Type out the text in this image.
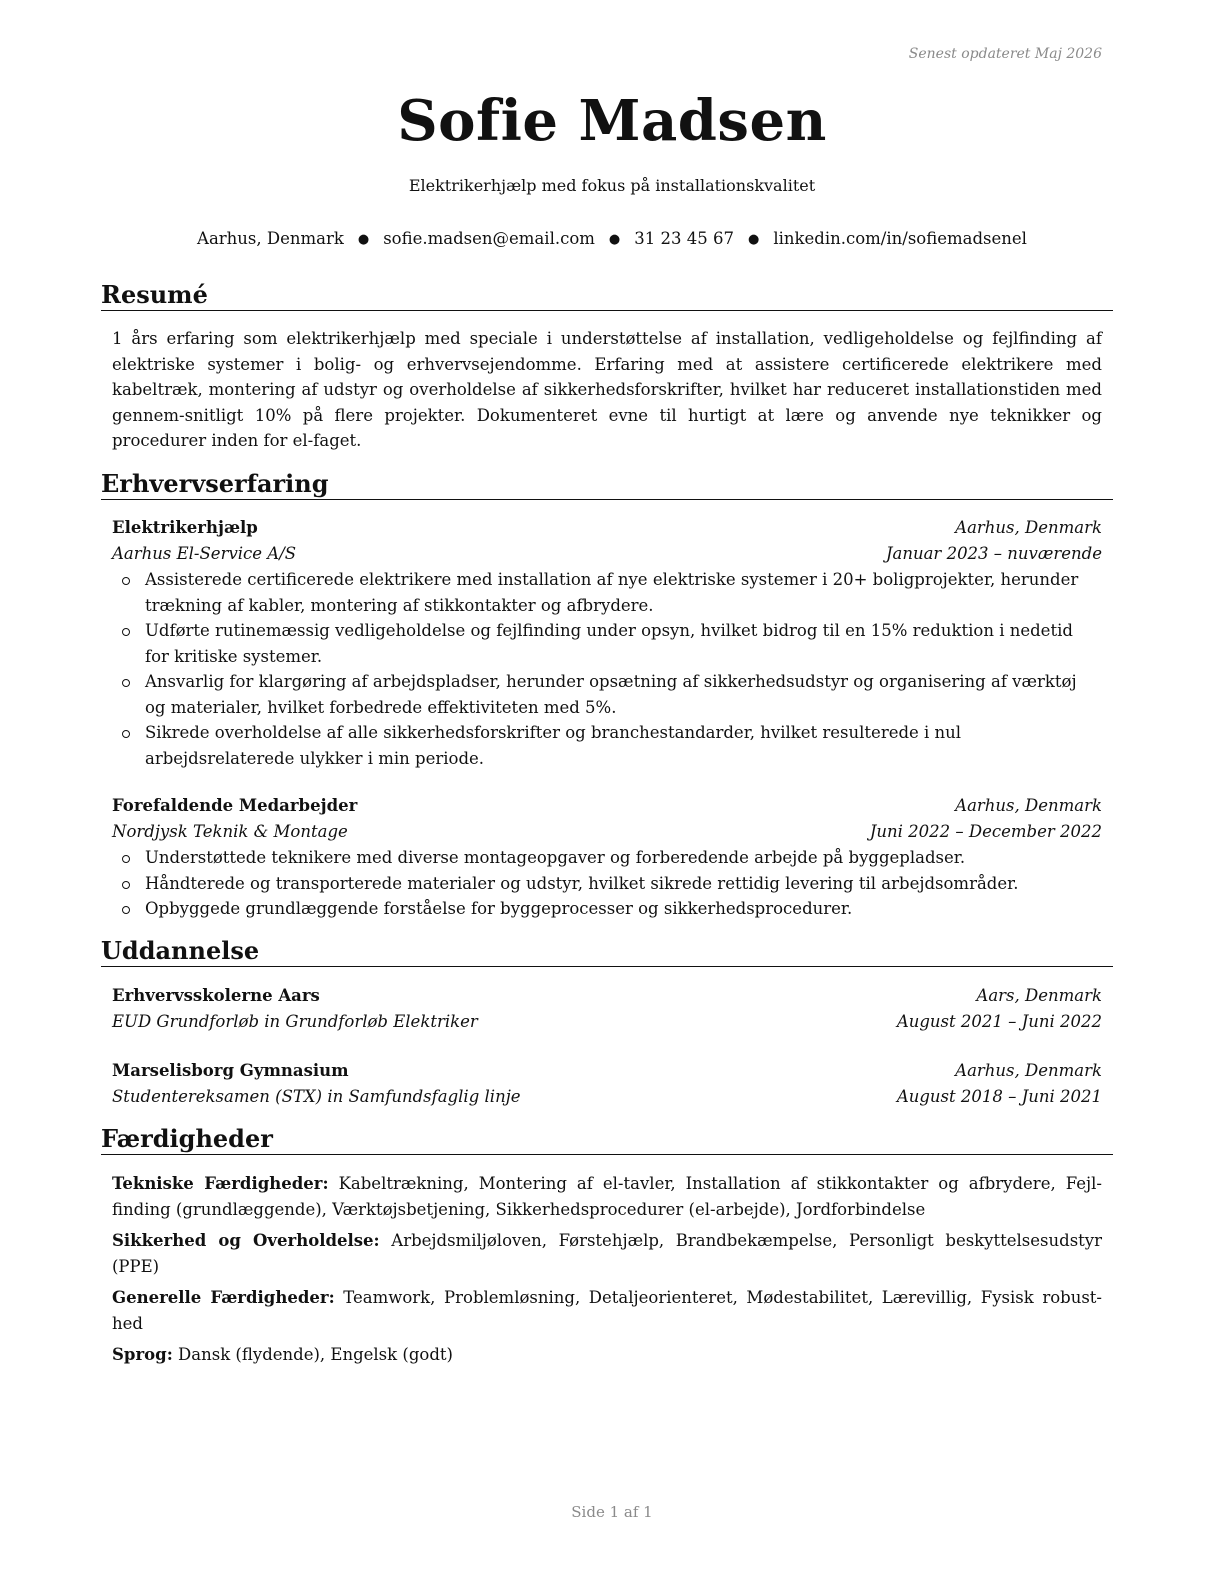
Senest opdateret Maj 2026
Sofie Madsen
Elektrikerhjælp med fokus på installationskvalitet
Aarhus, Denmark ● sofie.madsen@email.com ● 31 23 45 67 ● linkedin.com/in/sofiemadsenel
Resumé
1 års erfaring som elektrikerhjælp med speciale i understøttelse af installation, vedligeholdelse og fejlfinding af elektriske systemer i bolig- og erhvervsejendomme. Erfaring med at assistere certificerede elektrikere med kabeltræk, montering af udstyr og overholdelse af sikkerhedsforskrifter, hvilket har reduceret installationstiden med gennem-snitligt 10% på flere projekter. Dokumenteret evne til hurtigt at lære og anvende nye teknikker og procedurer inden for el-faget.
Erhvervserfaring
Elektrikerhjælp	Aarhus, Denmark
Aarhus El-Service A/S	Januar 2023 – nuværende
Assisterede certificerede elektrikere med installation af nye elektriske systemer i 20+ boligprojekter, herunder trækning af kabler, montering af stikkontakter og afbrydere.
Udførte rutinemæssig vedligeholdelse og fejlfinding under opsyn, hvilket bidrog til en 15% reduktion i nedetid for kritiske systemer.
Ansvarlig for klargøring af arbejdspladser, herunder opsætning af sikkerhedsudstyr og organisering af værktøj og materialer, hvilket forbedrede effektiviteten med 5%.
Sikrede overholdelse af alle sikkerhedsforskrifter og branchestandarder, hvilket resulterede i nul arbejdsrelaterede ulykker i min periode.
Forefaldende Medarbejder	Aarhus, Denmark
Nordjysk Teknik & Montage	Juni 2022 – December 2022
Understøttede teknikere med diverse montageopgaver og forberedende arbejde på byggepladser.
Håndterede og transporterede materialer og udstyr, hvilket sikrede rettidig levering til arbejdsområder.
Opbyggede grundlæggende forståelse for byggeprocesser og sikkerhedsprocedurer.
Uddannelse
Erhvervsskolerne Aars	Aars, Denmark
EUD Grundforløb in Grundforløb Elektriker	August 2021 – Juni 2022
Marselisborg Gymnasium	Aarhus, Denmark
Studentereksamen (STX) in Samfundsfaglig linje	August 2018 – Juni 2021
Færdigheder
Tekniske Færdigheder: Kabeltrækning, Montering af el-tavler, Installation af stikkontakter og afbrydere, Fejl-finding (grundlæggende), Værktøjsbetjening, Sikkerhedsprocedurer (el-arbejde), Jordforbindelse
Sikkerhed og Overholdelse: Arbejdsmiljøloven, Førstehjælp, Brandbekæmpelse, Personligt beskyttelsesudstyr (PPE)
Generelle Færdigheder: Teamwork, Problemløsning, Detaljeorienteret, Mødestabilitet, Lærevillig, Fysisk robust-hed
Sprog: Dansk (flydende), Engelsk (godt)
Side 1 af 1
